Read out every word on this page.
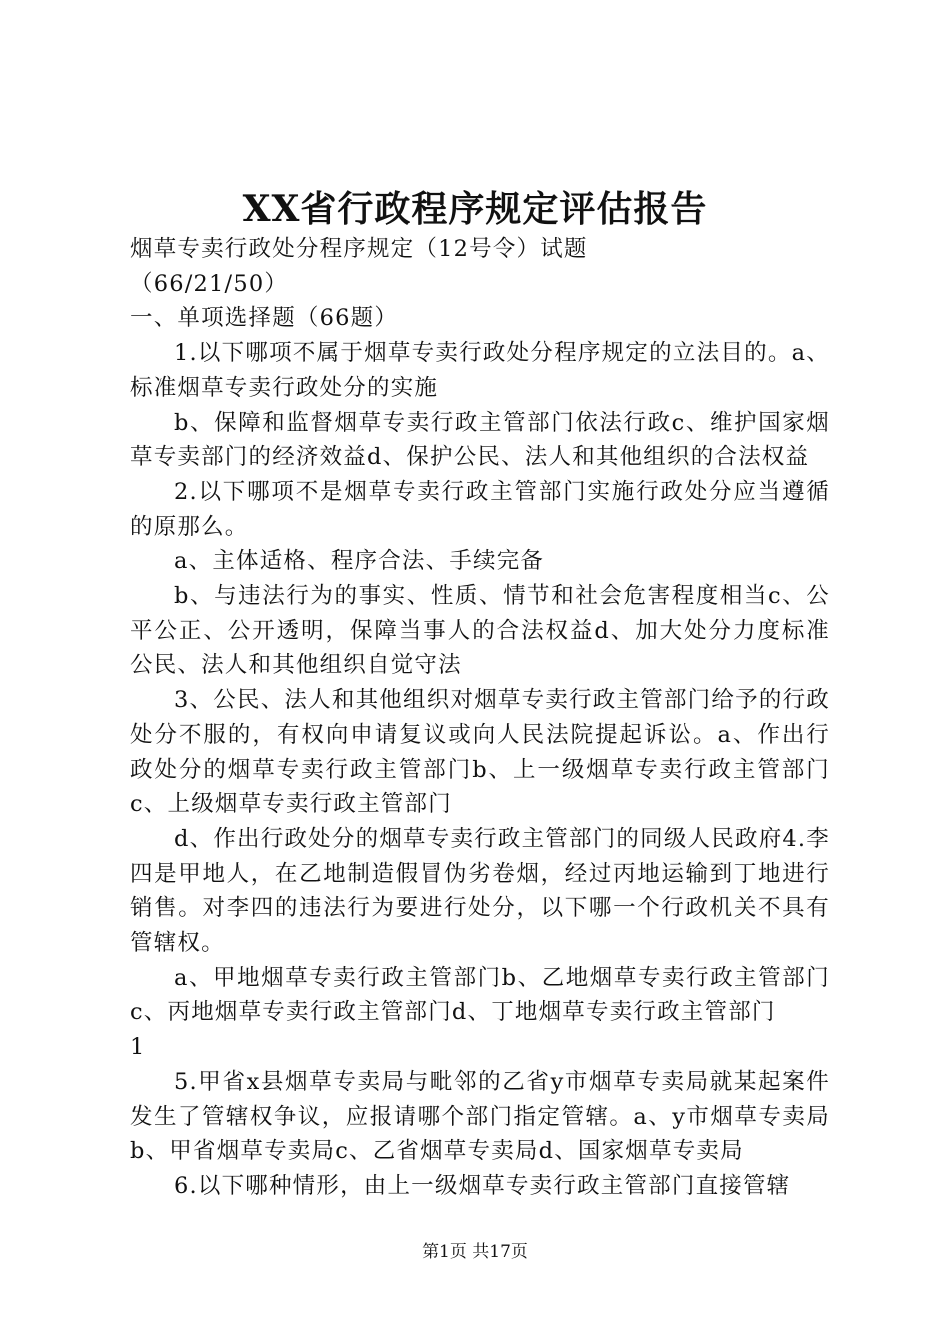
XX省行政程序规定评估报告

烟草专卖行政处分程序规定（12号令）试题

（66/21/50）

一、单项选择题（66题）

1.以下哪项不属于烟草专卖行政处分程序规定的立法目的。a、标准烟草专卖行政处分的实施

b、保障和监督烟草专卖行政主管部门依法行政c、维护国家烟草专卖部门的经济效益d、保护公民、法人和其他组织的合法权益

2.以下哪项不是烟草专卖行政主管部门实施行政处分应当遵循的原那么。

a、主体适格、程序合法、手续完备

b、与违法行为的事实、性质、情节和社会危害程度相当c、公平公正、公开透明，保障当事人的合法权益d、加大处分力度标准公民、法人和其他组织自觉守法

3、公民、法人和其他组织对烟草专卖行政主管部门给予的行政处分不服的，有权向申请复议或向人民法院提起诉讼。a、作出行政处分的烟草专卖行政主管部门b、上一级烟草专卖行政主管部门c、上级烟草专卖行政主管部门

d、作出行政处分的烟草专卖行政主管部门的同级人民政府4.李四是甲地人，在乙地制造假冒伪劣卷烟，经过丙地运输到丁地进行销售。对李四的违法行为要进行处分，以下哪一个行政机关不具有管辖权。

a、甲地烟草专卖行政主管部门b、乙地烟草专卖行政主管部门c、丙地烟草专卖行政主管部门d、丁地烟草专卖行政主管部门

1

5.甲省x县烟草专卖局与毗邻的乙省y市烟草专卖局就某起案件发生了管辖权争议，应报请哪个部门指定管辖。a、y市烟草专卖局b、甲省烟草专卖局c、乙省烟草专卖局d、国家烟草专卖局

6.以下哪种情形，由上一级烟草专卖行政主管部门直接管辖

第1页 共17页
